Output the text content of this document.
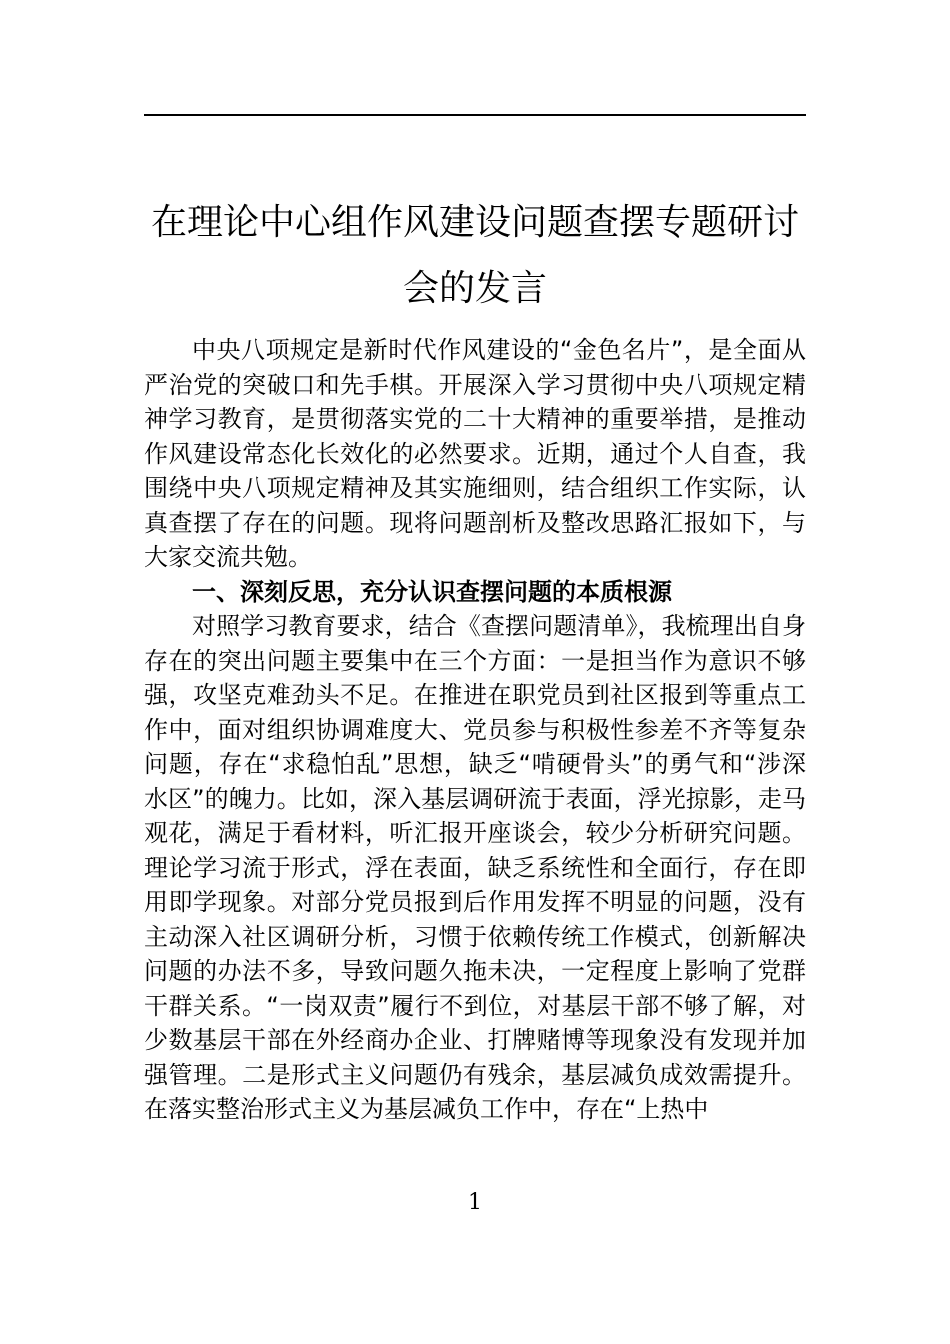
在理论中心组作风建设问题查摆专题研讨会的发言

中央八项规定是新时代作风建设的“金色名片”，是全面从严治党的突破口和先手棋。开展深入学习贯彻中央八项规定精神学习教育，是贯彻落实党的二十大精神的重要举措，是推动作风建设常态化长效化的必然要求。近期，通过个人自查，我围绕中央八项规定精神及其实施细则，结合组织工作实际，认真查摆了存在的问题。现将问题剖析及整改思路汇报如下，与大家交流共勉。

一、深刻反思，充分认识查摆问题的本质根源

对照学习教育要求，结合《查摆问题清单》，我梳理出自身存在的突出问题主要集中在三个方面：一是担当作为意识不够强，攻坚克难劲头不足。在推进在职党员到社区报到等重点工作中，面对组织协调难度大、党员参与积极性参差不齐等复杂问题，存在“求稳怕乱”思想，缺乏“啃硬骨头”的勇气和“涉深水区”的魄力。比如，深入基层调研流于表面，浮光掠影，走马观花，满足于看材料，听汇报开座谈会，较少分析研究问题。理论学习流于形式，浮在表面，缺乏系统性和全面行，存在即用即学现象。对部分党员报到后作用发挥不明显的问题，没有主动深入社区调研分析，习惯于依赖传统工作模式，创新解决问题的办法不多，导致问题久拖未决，一定程度上影响了党群干群关系。“一岗双责”履行不到位，对基层干部不够了解，对少数基层干部在外经商办企业、打牌赌博等现象没有发现并加强管理。二是形式主义问题仍有残余，基层减负成效需提升。在落实整治形式主义为基层减负工作中，存在“上热中

1
